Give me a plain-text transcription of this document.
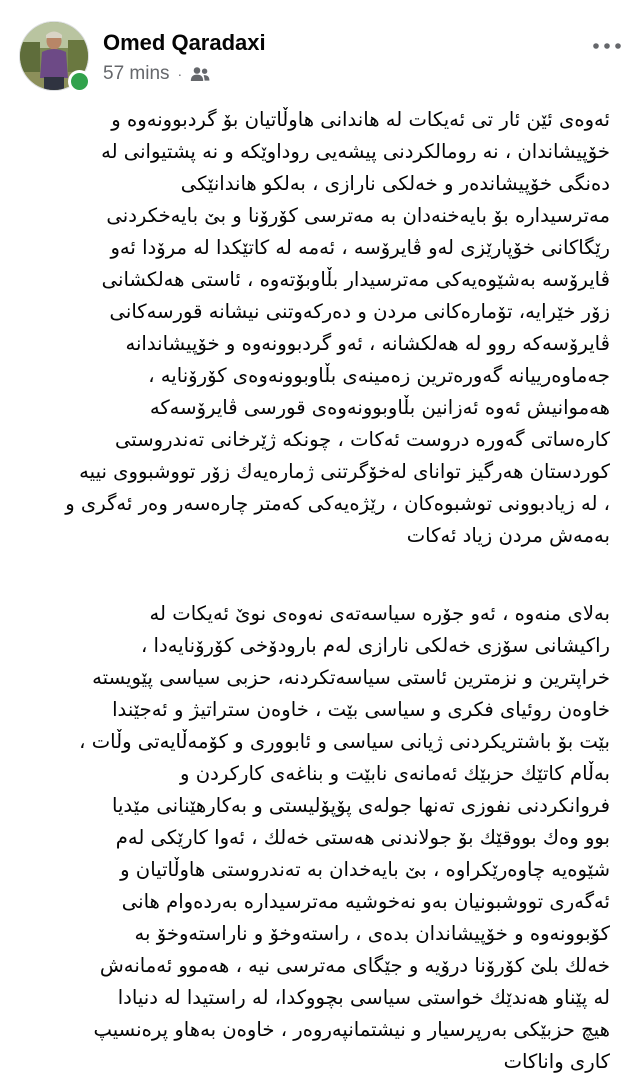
Omed Qaradaxi
57 mins ·
ئەوەی ئێن ئار تی ئەیکات لە هاندانی هاوڵاتیان بۆ گردبوونەوە و
خۆپیشاندان ، نە رومالکردنی پیشەیی روداوێکە و نە پشتیوانی لە
دەنگی خۆپیشاندەر و خەلکی نارازی ، بەلکو هاندانێکی
مەترسیدارە بۆ بایەخنەدان بە مەترسی کۆرۆنا و بێ بایەخکردنی
رێگاکانی خۆپارێزی لەو ڤایرۆسە ، ئەمە لە کاتێکدا لە مرۆدا ئەو
ڤایرۆسە بەشێوەیەکی مەترسیدار بڵاوبۆتەوە ، ئاستی هەلکشانی
زۆر خێرایە، تۆمارەکانی مردن و دەرکەوتنی نیشانە قورسەکانی
ڤایرۆسەکە روو لە هەلکشانە ، ئەو گردبوونەوە و خۆپیشاندانە
جەماوەرییانە گەورەترین زەمینەی بڵاوبوونەوەی کۆرۆنایە ،
هەموانیش ئەوە ئەزانین بڵاوبوونەوەی قورسی ڤایرۆسەکە
کارەساتی گەورە دروست ئەکات ، چونکە ژێرخانی تەندروستی
کوردستان هەرگیز توانای لەخۆگرتنی ژمارەیەك زۆر تووشبووی نییە
، لە زیادبوونی توشبوەکان ، رێژەیەکی کەمتر چارەسەر وەر ئەگری و
بەمەش مردن زیاد ئەکات
بەلای منەوە ، ئەو جۆرە سیاسەتەی نەوەی نوێ ئەیکات لە
راکیشانی سۆزی خەلکی نارازی لەم بارودۆخی کۆرۆنایەدا ،
خراپترین و نزمترین ئاستی سیاسەتکردنە، حزبی سیاسی پێویستە
خاوەن روئیای فکری و سیاسی بێت ، خاوەن ستراتیژ و ئەجێندا
بێت بۆ باشتریکردنی ژیانی سیاسی و ئابووری و کۆمەڵایەتی وڵات ،
بەڵام کاتێك حزبێك ئەمانەی نابێت و بناغەی کارکردن و
فروانکردنی نفوزی تەنها جولەی پۆپۆلیستی و بەکارهێنانی مێدیا
بوو وەك بووقێك بۆ جولاندنی هەستی خەلك ، ئەوا کارێکی لەم
شێوەیە چاوەرێکراوە ، بێ بایەخدان بە تەندروستی هاوڵاتیان و
ئەگەری تووشبونیان بەو نەخوشیە مەترسیدارە بەردەوام هانی
کۆبوونەوە و خۆپیشاندان بدەی ، راستەوخۆ و ناراستەوخۆ بە
خەلك بلێ کۆرۆنا درۆیە و جێگای مەترسی نیە ، هەموو ئەمانەش
لە پێناو هەندێك خواستی سیاسی بچووکدا، لە راستیدا لە دنیادا
هیچ حزبێکی بەرپرسیار و نیشتمانپەروەر ، خاوەن بەهاو پرەنسیپ
کاری واناکات
